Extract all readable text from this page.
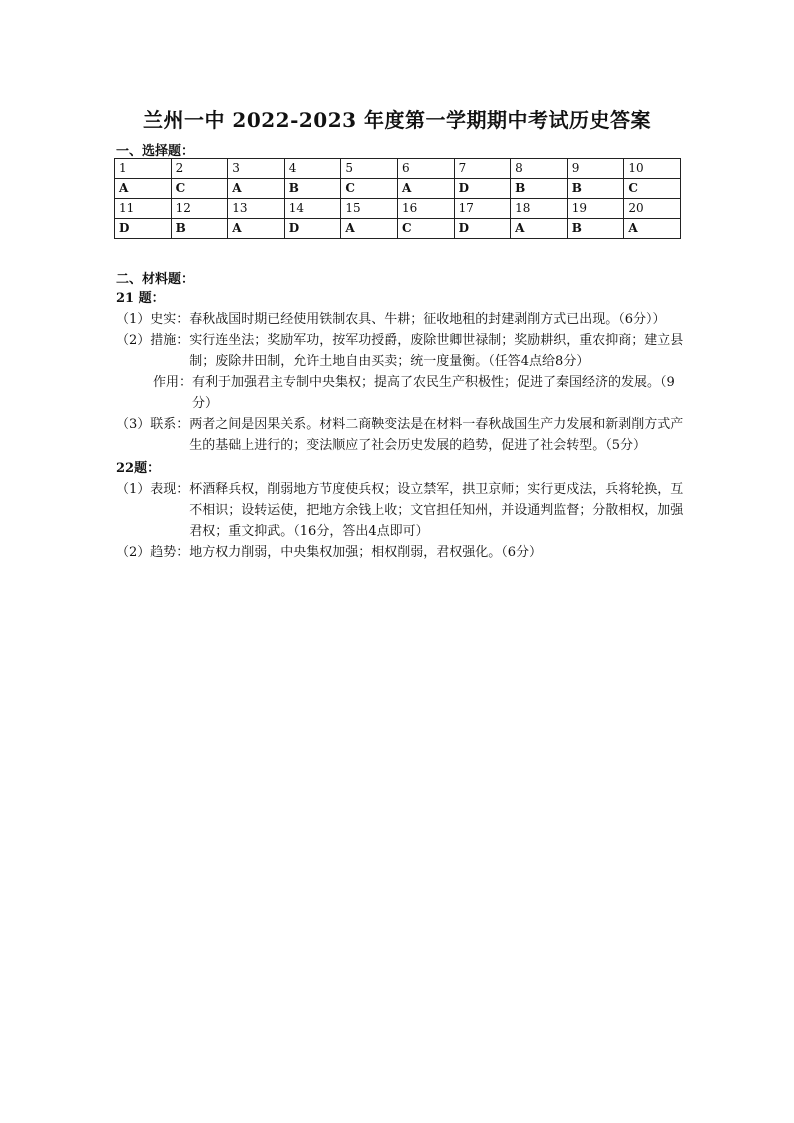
兰州一中 2022-2023 年度第一学期期中考试历史答案
一、选择题：
1	2	3	4	5	6	7	8	9	10
A	C	A	B	C	A	D	B	B	C
11	12	13	14	15	16	17	18	19	20
D	B	A	D	A	C	D	A	B	A
二、材料题：
21 题：
（1）史实： 春秋战国时期已经使用铁制农具、牛耕；征收地租的封建剥削方式已出现。（6分））
（2）措施： 实行连坐法；奖励军功，按军功授爵，废除世卿世禄制；奖励耕织，重农抑商；建立县制；废除井田制，允许土地自由买卖；统一度量衡。（任答4点给8分）
作用： 有利于加强君主专制中央集权；提高了农民生产积极性；促进了秦国经济的发展。（9分）
（3）联系： 两者之间是因果关系。材料二商鞅变法是在材料一春秋战国生产力发展和新剥削方式产生的基础上进行的；变法顺应了社会历史发展的趋势，促进了社会转型。（5分）
22题：
（1）表现： 杯酒释兵权，削弱地方节度使兵权；设立禁军，拱卫京师；实行更戍法，兵将轮换，互不相识；设转运使，把地方余钱上收；文官担任知州，并设通判监督；分散相权，加强君权；重文抑武。（16分，答出4点即可）
（2）趋势： 地方权力削弱，中央集权加强；相权削弱，君权强化。（6分）
